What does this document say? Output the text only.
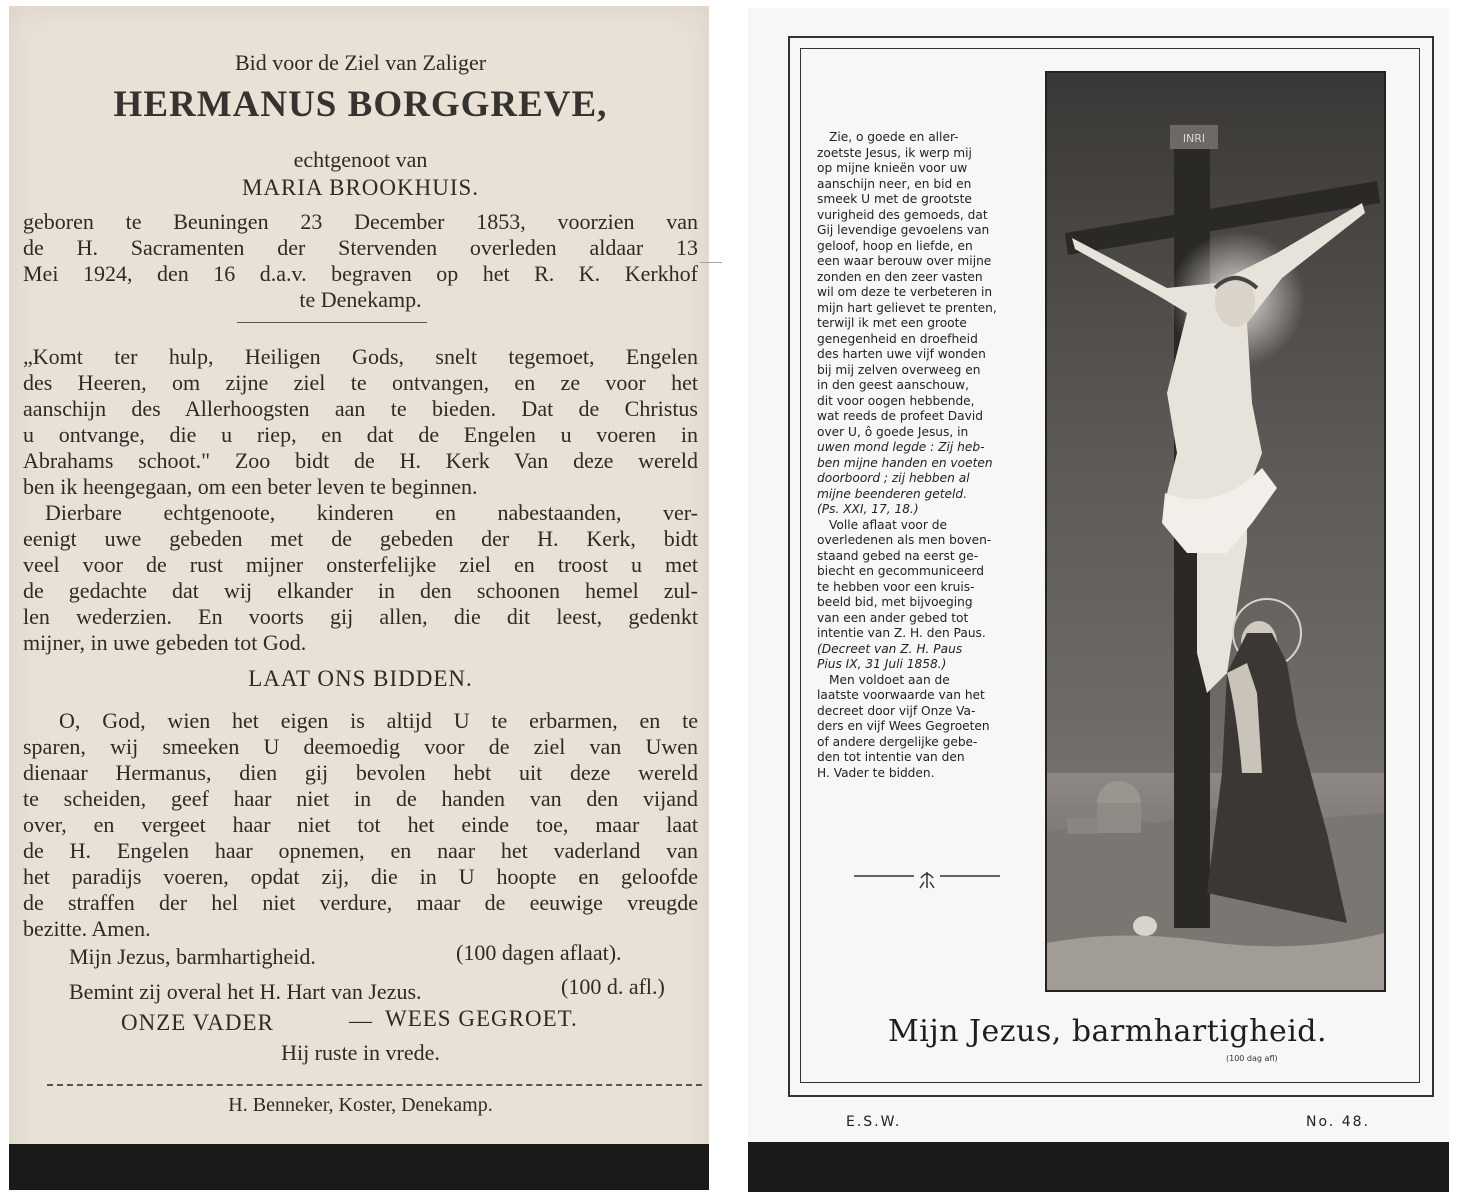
Bid voor de Ziel van Zaliger
HERMANUS BORGGREVE,
echtgenoot van
MARIA BROOKHUIS.
geboren te Beuningen 23 December 1853, voorzien van
de H. Sacramenten der Stervenden overleden aldaar 13
Mei 1924, den 16 d.a.v. begraven op het R. K. Kerkhof
te Denekamp.
„Komt ter hulp, Heiligen Gods, snelt tegemoet, Engelen
des Heeren, om zijne ziel te ontvangen, en ze voor het
aanschijn des Allerhoogsten aan te bieden. Dat de Christus
u ontvange, die u riep, en dat de Engelen u voeren in
Abrahams schoot." Zoo bidt de H. Kerk Van deze wereld
ben ik heengegaan, om een beter leven te beginnen.
Dierbare echtgenoote, kinderen en nabestaanden, ver-
eenigt uwe gebeden met de gebeden der H. Kerk, bidt
veel voor de rust mijner onsterfelijke ziel en troost u met
de gedachte dat wij elkander in den schoonen hemel zul-
len wederzien. En voorts gij allen, die dit leest, gedenkt
mijner, in uwe gebeden tot God.
LAAT ONS BIDDEN.
O, God, wien het eigen is altijd U te erbarmen, en te
sparen, wij smeeken U deemoedig voor de ziel van Uwen
dienaar Hermanus, dien gij bevolen hebt uit deze wereld
te scheiden, geef haar niet in de handen van den vijand
over, en vergeet haar niet tot het einde toe, maar laat
de H. Engelen haar opnemen, en naar het vaderland van
het paradijs voeren, opdat zij, die in U hoopte en geloofde
de straffen der hel niet verdure, maar de eeuwige vreugde
bezitte. Amen.
Mijn Jezus, barmhartigheid.	(100 dagen aflaat).
Bemint zij overal het H. Hart van Jezus.	(100 d. afl.)
ONZE VADER	— WEES GEGROET.
Hij ruste in vrede.
H. Benneker, Koster, Denekamp.

Zie, o goede en aller-

zoetste Jesus, ik werp mij

op mijne knieën voor uw

aanschijn neer, en bid en

smeek U met de grootste

vurigheid des gemoeds, dat

Gij levendige gevoelens van

geloof, hoop en liefde, en

een waar berouw over mijne

zonden en den zeer vasten

wil om deze te verbeteren in

mijn hart gelievet te prenten,

terwijl ik met een groote

genegenheid en droefheid

des harten uwe vijf wonden

bij mij zelven overweeg en

in den geest aanschouw,

dit voor oogen hebbende,

wat reeds de profeet David

over U, ô goede Jesus, in

uwen mond legde : Zij heb-

ben mijne handen en voeten

doorboord ; zij hebben al

mijne beenderen geteld.

(Ps. XXI, 17, 18.)

Volle aflaat voor de

overledenen als men boven-

staand gebed na eerst ge-

biecht en gecommuniceerd

te hebben voor een kruis-

beeld bid, met bijvoeging

van een ander gebed tot

intentie van Z. H. den Paus.

(Decreet van Z. H. Paus

Pius IX, 31 Juli 1858.)

Men voldoet aan de

laatste voorwaarde van het

decreet door vijf Onze Va-

ders en vijf Wees Gegroeten

of andere dergelijke gebe-

den tot intentie van den

H. Vader te bidden.

INRI
Mijn Jezus, barmhartigheid.
(100 dag afl)
E.S.W.	No. 48.
